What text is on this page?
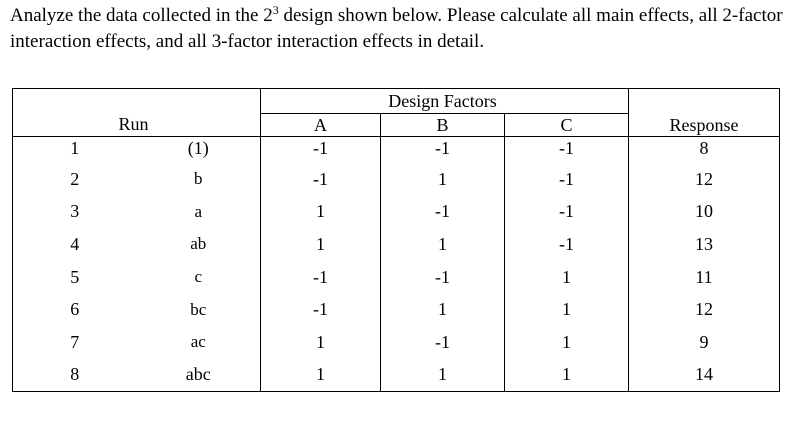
Analyze the data collected in the $2^3$ design shown below. Please calculate all main effects, all 2-factor interaction effects, and all 3-factor interaction effects in detail.

			Design Factors		

	Run	A	B	C	Response
1	(1)	-1	-1	-1	8
2	b	-1	1	-1	12
3	a	1	-1	-1	10
4	ab	1	1	-1	13
5	c	-1	-1	1	11
6	bc	-1	1	1	12
7	ac	1	-1	1	9
8	abc	1	1	1	14
